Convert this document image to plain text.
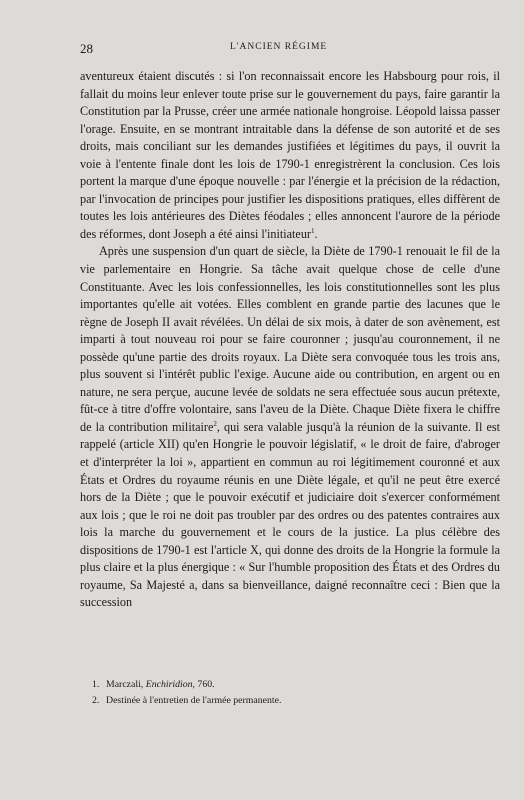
28	L'ANCIEN RÉGIME

aventureux étaient discutés : si l'on reconnaissait encore les Habsbourg pour rois, il fallait du moins leur enlever toute prise sur le gouvernement du pays, faire garantir la Constitution par la Prusse, créer une armée nationale hongroise. Léopold laissa passer l'orage. Ensuite, en se montrant intraitable dans la défense de son autorité et de ses droits, mais conciliant sur les demandes justifiées et légitimes du pays, il ouvrit la voie à l'entente finale dont les lois de 1790-1 enregistrèrent la conclusion. Ces lois portent la marque d'une époque nouvelle : par l'énergie et la précision de la rédaction, par l'invocation de principes pour justifier les dispositions pratiques, elles diffèrent de toutes les lois antérieures des Diètes féodales ; elles annoncent l'aurore de la période des réformes, dont Joseph a été ainsi l'initiateur$^1$.

Après une suspension d'un quart de siècle, la Diète de 1790-1 renouait le fil de la vie parlementaire en Hongrie. Sa tâche avait quelque chose de celle d'une Constituante. Avec les lois confessionnelles, les lois constitutionnelles sont les plus importantes qu'elle ait votées. Elles comblent en grande partie des lacunes que le règne de Joseph II avait révélées. Un délai de six mois, à dater de son avènement, est imparti à tout nouveau roi pour se faire couronner ; jusqu'au couronnement, il ne possède qu'une partie des droits royaux. La Diète sera convoquée tous les trois ans, plus souvent si l'intérêt public l'exige. Aucune aide ou contribution, en argent ou en nature, ne sera perçue, aucune levée de soldats ne sera effectuée sous aucun prétexte, fût-ce à titre d'offre volontaire, sans l'aveu de la Diète. Chaque Diète fixera le chiffre de la contribution militaire$^2$, qui sera valable jusqu'à la réunion de la suivante. Il est rappelé (article XII) qu'en Hongrie le pouvoir législatif, « le droit de faire, d'abroger et d'interpréter la loi », appartient en commun au roi légitimement couronné et aux États et Ordres du royaume réunis en une Diète légale, et qu'il ne peut être exercé hors de la Diète ; que le pouvoir exécutif et judiciaire doit s'exercer conformément aux lois ; que le roi ne doit pas troubler par des ordres ou des patentes contraires aux lois la marche du gouvernement et le cours de la justice. La plus célèbre des dispositions de 1790-1 est l'article X, qui donne des droits de la Hongrie la formule la plus claire et la plus énergique : « Sur l'humble proposition des États et des Ordres du royaume, Sa Majesté a, dans sa bienveillance, daigné reconnaître ceci : Bien que la succession

1. Marczali, Enchiridion, 760.
2. Destinée à l'entretien de l'armée permanente.
